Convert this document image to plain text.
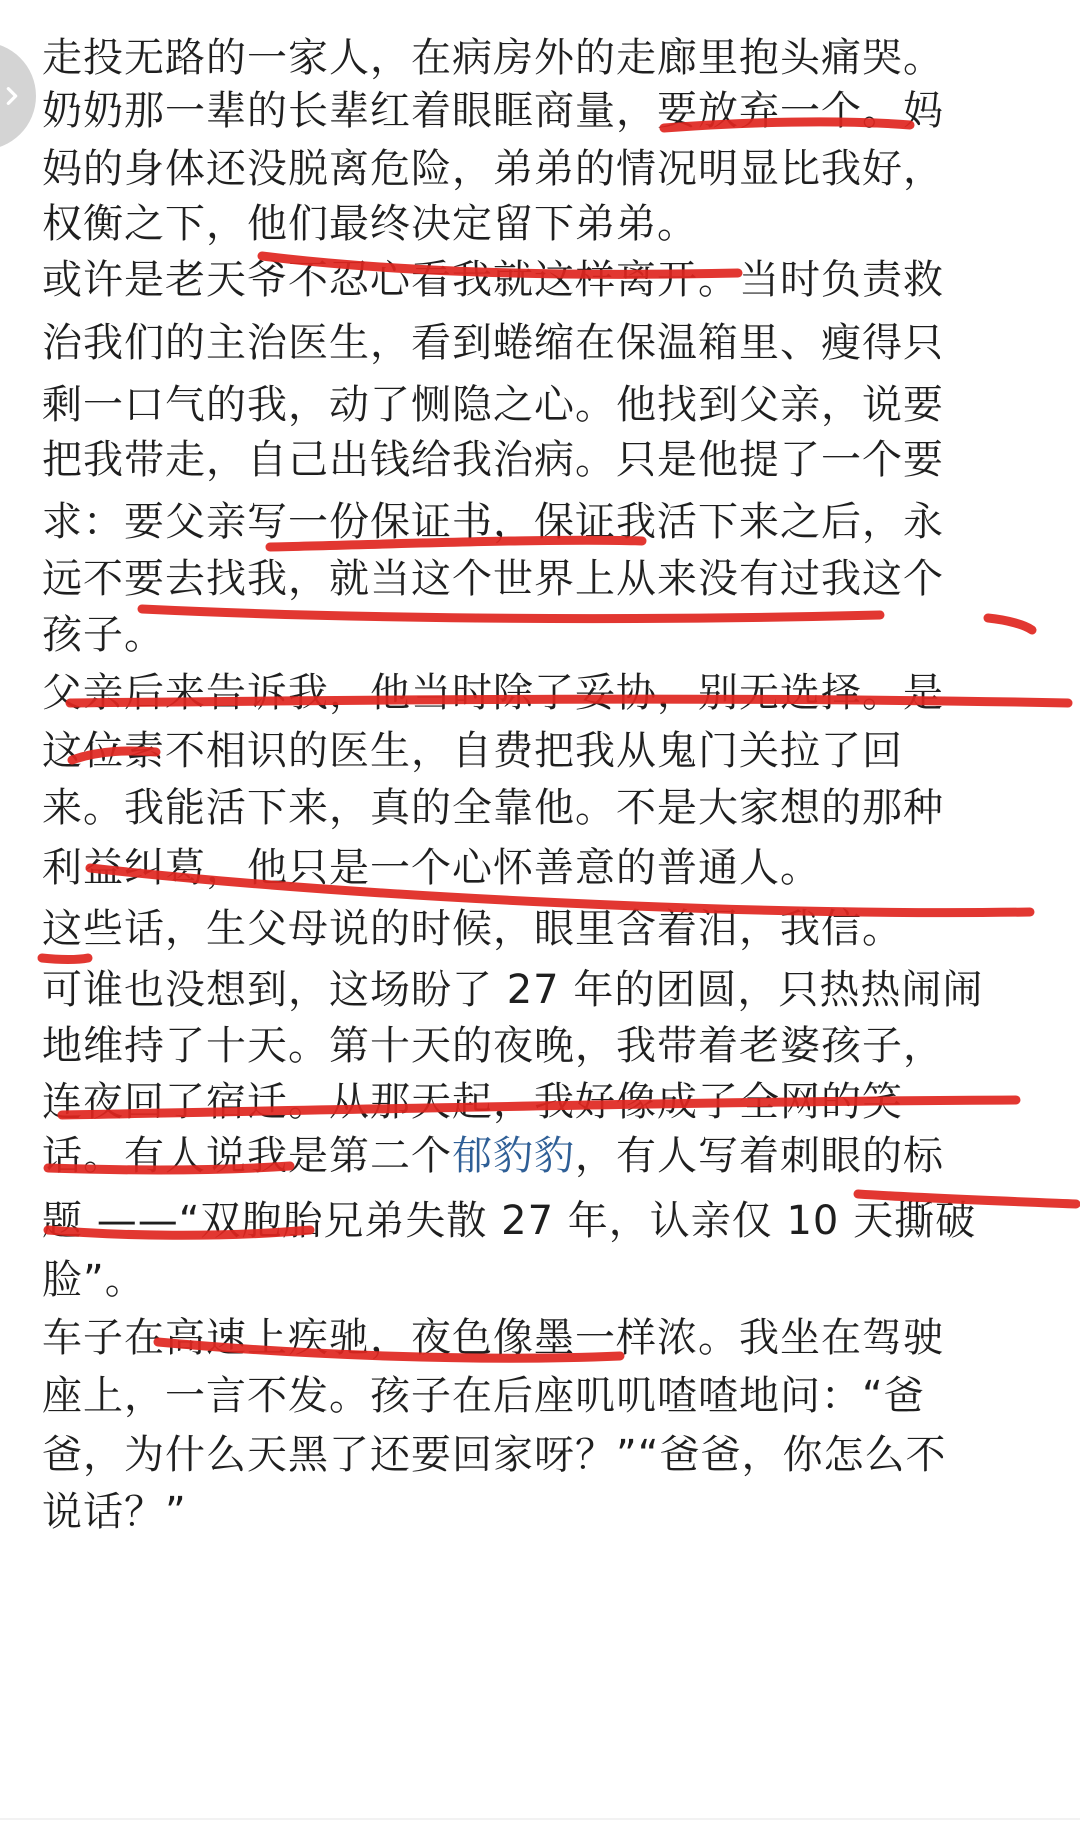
走投无路的一家人，在病房外的走廊里抱头痛哭。
奶奶那一辈的长辈红着眼眶商量，要放弃一个。妈
妈的身体还没脱离危险，弟弟的情况明显比我好，
权衡之下，他们最终决定留下弟弟。
或许是老天爷不忍心看我就这样离开。当时负责救
治我们的主治医生，看到蜷缩在保温箱里、瘦得只
剩一口气的我，动了恻隐之心。他找到父亲，说要
把我带走，自己出钱给我治病。只是他提了一个要
求：要父亲写一份保证书，保证我活下来之后，永
远不要去找我，就当这个世界上从来没有过我这个
孩子。
父亲后来告诉我，他当时除了妥协，别无选择。是
这位素不相识的医生，自费把我从鬼门关拉了回
来。我能活下来，真的全靠他。不是大家想的那种
利益纠葛，他只是一个心怀善意的普通人。
这些话，生父母说的时候，眼里含着泪，我信。
可谁也没想到，这场盼了 27 年的团圆，只热热闹闹
地维持了十天。第十天的夜晚，我带着老婆孩子，
连夜回了宿迁。从那天起，我好像成了全网的笑
话。有人说我是第二个郁豹豹，有人写着刺眼的标
题 ——“双胞胎兄弟失散 27 年，认亲仅 10 天撕破
脸”。
车子在高速上疾驰，夜色像墨一样浓。我坐在驾驶
座上，一言不发。孩子在后座叽叽喳喳地问：“爸
爸，为什么天黑了还要回家呀？”“爸爸，你怎么不
说话？”
